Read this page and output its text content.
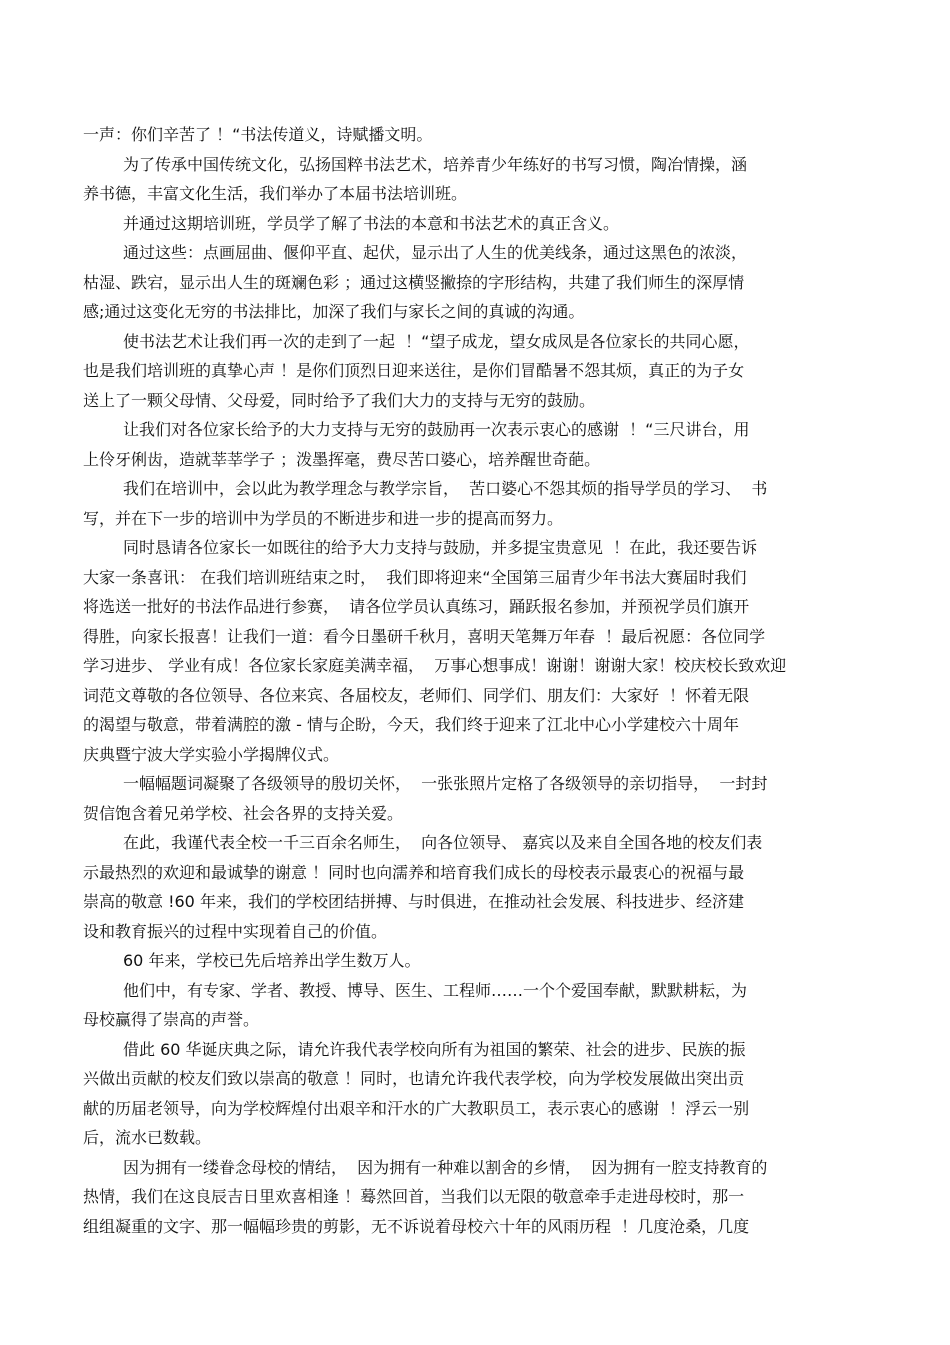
一声：你们辛苦了 ！“书法传道义，诗赋播文明。
为了传承中国传统文化，弘扬国粹书法艺术，培养青少年练好的书写习惯，陶冶情操，涵
养书德，丰富文化生活，我们举办了本届书法培训班。
并通过这期培训班，学员学了解了书法的本意和书法艺术的真正含义。
通过这些：点画屈曲、偃仰平直、起伏，显示出了人生的优美线条，通过这黑色的浓淡，
枯湿、跌宕，显示出人生的斑斓色彩 ；通过这横竖撇捺的字形结构，共建了我们师生的深厚情
感;通过这变化无穷的书法排比，加深了我们与家长之间的真诚的沟通。
使书法艺术让我们再一次的走到了一起  ！“望子成龙，望女成凤是各位家长的共同心愿，
也是我们培训班的真挚心声 ！是你们顶烈日迎来送往，是你们冒酷暑不怨其烦，真正的为子女
送上了一颗父母情、父母爱，同时给予了我们大力的支持与无穷的鼓励。
让我们对各位家长给予的大力支持与无穷的鼓励再一次表示衷心的感谢  ！“三尺讲台，用
上伶牙俐齿，造就莘莘学子 ；泼墨挥毫，费尽苦口婆心，培养醒世奇葩。
我们在培训中，会以此为教学理念与教学宗旨，  苦口婆心不怨其烦的指导学员的学习、  书
写，并在下一步的培训中为学员的不断进步和进一步的提高而努力。
同时恳请各位家长一如既往的给予大力支持与鼓励，并多提宝贵意见  ！在此，我还要告诉
大家一条喜讯： 在我们培训班结束之时，  我们即将迎来“全国第三届青少年书法大赛届时我们
将选送一批好的书法作品进行参赛，  请各位学员认真练习，踊跃报名参加，并预祝学员们旗开
得胜，向家长报喜！让我们一道：看今日墨研千秋月，喜明天笔舞万年春  ！最后祝愿：各位同学
学习进步、 学业有成！各位家长家庭美满幸福，  万事心想事成！谢谢！谢谢大家！校庆校长致欢迎
词范文尊敬的各位领导、各位来宾、各届校友，老师们、同学们、朋友们：大家好  ！怀着无限
的渴望与敬意，带着满腔的激 - 情与企盼，今天，我们终于迎来了江北中心小学建校六十周年
庆典暨宁波大学实验小学揭牌仪式。
一幅幅题词凝聚了各级领导的殷切关怀，  一张张照片定格了各级领导的亲切指导，  一封封
贺信饱含着兄弟学校、社会各界的支持关爱。
在此，我谨代表全校一千三百余名师生，  向各位领导、 嘉宾以及来自全国各地的校友们表
示最热烈的欢迎和最诚挚的谢意 ！同时也向濡养和培育我们成长的母校表示最衷心的祝福与最
崇高的敬意 !60 年来，我们的学校团结拼搏、与时俱进，在推动社会发展、科技进步、经济建
设和教育振兴的过程中实现着自己的价值。
60 年来，学校已先后培养出学生数万人。
他们中，有专家、学者、教授、博导、医生、工程师……一个个爱国奉献，默默耕耘，为
母校赢得了崇高的声誉。
借此 60 华诞庆典之际，请允许我代表学校向所有为祖国的繁荣、社会的进步、民族的振
兴做出贡献的校友们致以崇高的敬意 ！同时，也请允许我代表学校，向为学校发展做出突出贡
献的历届老领导，向为学校辉煌付出艰辛和汗水的广大教职员工，表示衷心的感谢  ！浮云一别
后，流水已数载。
因为拥有一缕眷念母校的情结，  因为拥有一种难以割舍的乡情，  因为拥有一腔支持教育的
热情，我们在这良辰吉日里欢喜相逢 ！蓦然回首，当我们以无限的敬意牵手走进母校时，那一
组组凝重的文字、那一幅幅珍贵的剪影，无不诉说着母校六十年的风雨历程  ！几度沧桑，几度
